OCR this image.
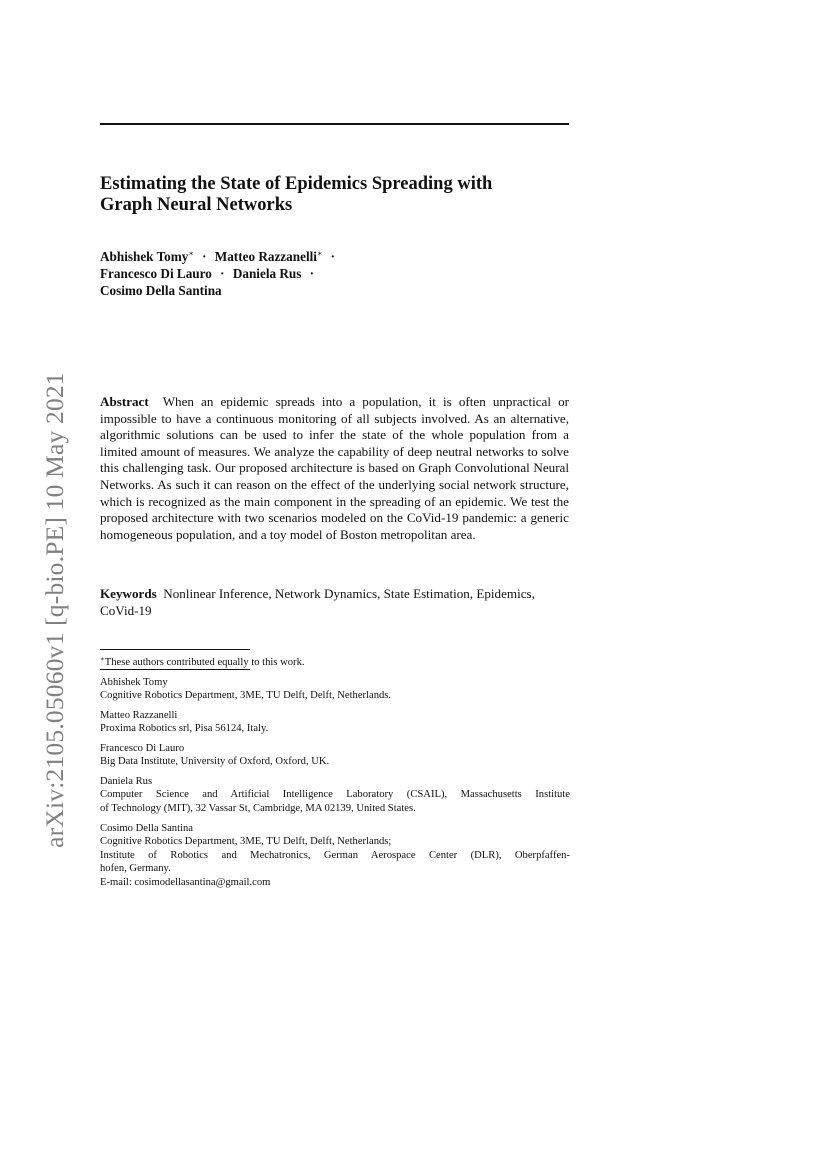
arXiv:2105.05060v1 [q-bio.PE] 10 May 2021
Estimating the State of Epidemics Spreading with
Graph Neural Networks
Abhishek Tomy∗ · Matteo Razzanelli∗ ·
Francesco Di Lauro · Daniela Rus ·
Cosimo Della Santina

Abstract When an epidemic spreads into a population, it is often unpractical or impossible to have a continuous monitoring of all subjects involved. As an alternative, algorithmic solutions can be used to infer the state of the whole population from a limited amount of measures. We analyze the capability of deep neutral networks to solve this challenging task. Our proposed architecture is based on Graph Convolutional Neural Networks. As such it can reason on the effect of the underlying social network structure, which is recognized as the main component in the spreading of an epidemic. We test the proposed architecture with two scenarios modeled on the CoVid-19 pandemic: a generic homogeneous population, and a toy model of Boston metropolitan area.

Keywords Nonlinear Inference, Network Dynamics, State Estimation, Epidemics, CoVid-19

∗These authors contributed equally to this work.

Abhishek Tomy
Cognitive Robotics Department, 3ME, TU Delft, Delft, Netherlands.
Matteo Razzanelli
Proxima Robotics srl, Pisa 56124, Italy.
Francesco Di Lauro
Big Data Institute, University of Oxford, Oxford, UK.
Daniela Rus
Computer Science and Artificial Intelligence Laboratory (CSAIL), Massachusetts Institute
of Technology (MIT), 32 Vassar St, Cambridge, MA 02139, United States.
Cosimo Della Santina
Cognitive Robotics Department, 3ME, TU Delft, Delft, Netherlands;
Institute of Robotics and Mechatronics, German Aerospace Center (DLR), Oberpfaffen-
hofen, Germany.
E-mail: cosimodellasantina@gmail.com
